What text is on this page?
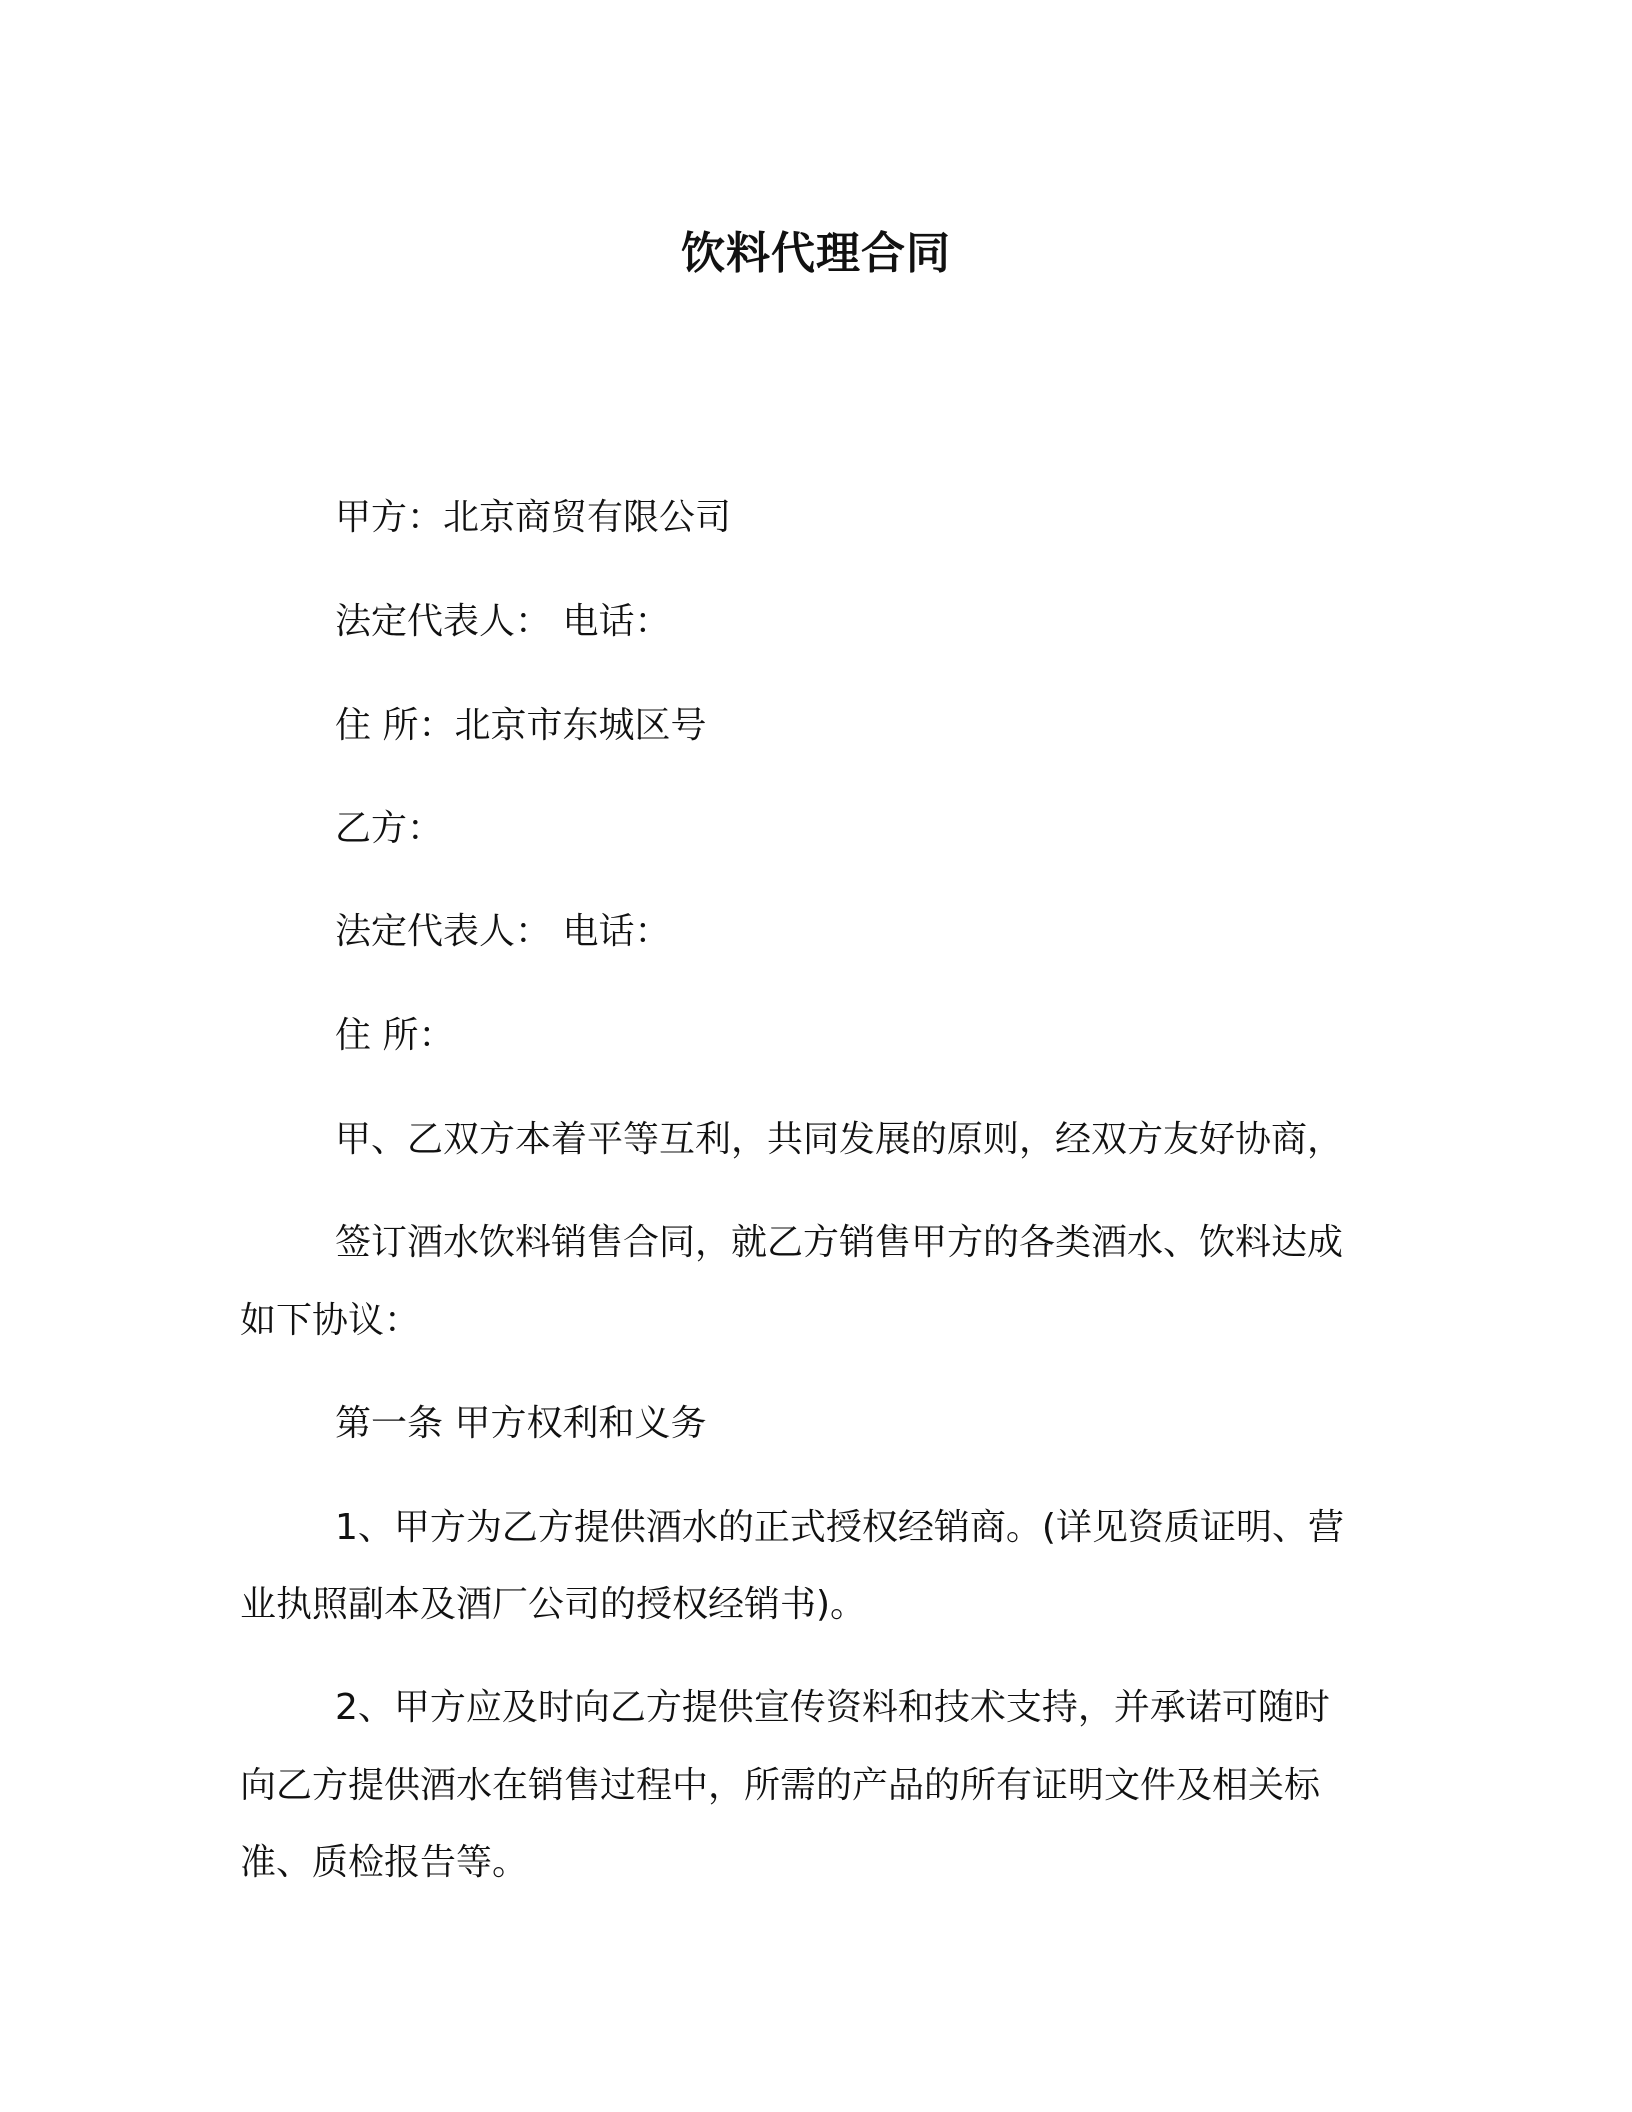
饮料代理合同
甲方：北京商贸有限公司
法定代表人： 电话：
住 所：北京市东城区号
乙方：
法定代表人： 电话：
住 所：
甲、乙双方本着平等互利，共同发展的原则，经双方友好协商，
签订酒水饮料销售合同，就乙方销售甲方的各类酒水、饮料达成
如下协议：
第一条 甲方权利和义务
1、甲方为乙方提供酒水的正式授权经销商。(详见资质证明、营
业执照副本及酒厂公司的授权经销书)。
2、甲方应及时向乙方提供宣传资料和技术支持，并承诺可随时
向乙方提供酒水在销售过程中，所需的产品的所有证明文件及相关标
准、质检报告等。
